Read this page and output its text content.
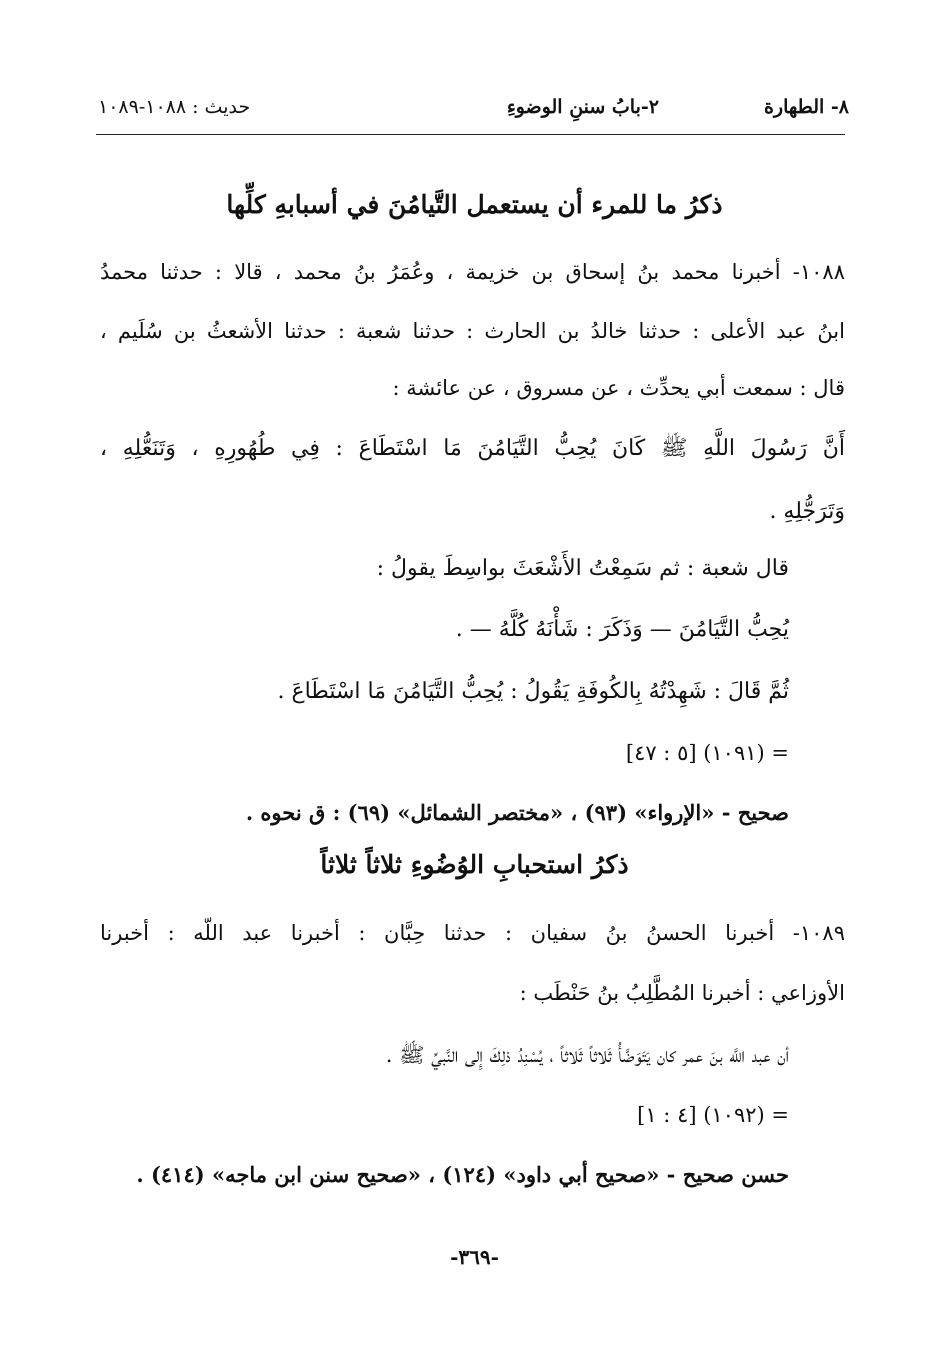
٨- الطهارة
٢-بابُ سننِ الوضوءِ
حديث : ١٠٨٨-١٠٨٩
ذكرُ ما للمرء أن يستعمل التَّيامُنَ في أسبابهِ كلِّها
١٠٨٨- أخبرنا محمد بنُ إسحاق بن خزيمة ، وعُمَرُ بنُ محمد ، قالا : حدثنا محمدُ
ابنُ عبد الأعلى : حدثنا خالدُ بن الحارث : حدثنا شعبة : حدثنا الأشعثُ بن سُلَيم ،
قال : سمعت أبي يحدِّث ، عن مسروق ، عن عائشة :
أَنَّ رَسُولَ اللَّهِ ﷺ كَانَ يُحِبُّ التَّيَامُنَ مَا اسْتَطَاعَ : فِي طُهُورِهِ ، وَتَنَعُّلِهِ ،
وَتَرَجُّلِهِ .
قال شعبة : ثم سَمِعْتُ الأَشْعَثَ بواسِطَ يقولُ :
يُحِبُّ التَّيَامُنَ — وَذَكَرَ : شَأْنَهُ كُلَّهُ — .
ثُمَّ قَالَ : شَهِدْتُهُ بِالكُوفَةِ يَقُولُ : يُحِبُّ التَّيَامُنَ مَا اسْتَطَاعَ .
= (١٠٩١) [٥ : ٤٧]
صحيح - «الإرواء» (٩٣) ، «مختصر الشمائل» (٦٩) : ق نحوه .
ذكرُ استحبابِ الوُضُوءِ ثلاثاً ثلاثاً
١٠٨٩- أخبرنا الحسنُ بنُ سفيان : حدثنا حِبَّان : أخبرنا عبد اللّه : أخبرنا
الأوزاعي : أخبرنا المُطَّلِبُ بنُ حَنْطَب :
أن عبد اللَّه بنَ عمر كان يَتَوَضَّأُ ثَلاثاً ثَلاثاً ، يُسْنِدُ ذلِكَ إِلى النَّبيِّ ﷺ .
= (١٠٩٢) [٤ : ١]
حسن صحيح - «صحيح أبي داود» (١٢٤) ، «صحيح سنن ابن ماجه» (٤١٤) .
-٣٦٩-
